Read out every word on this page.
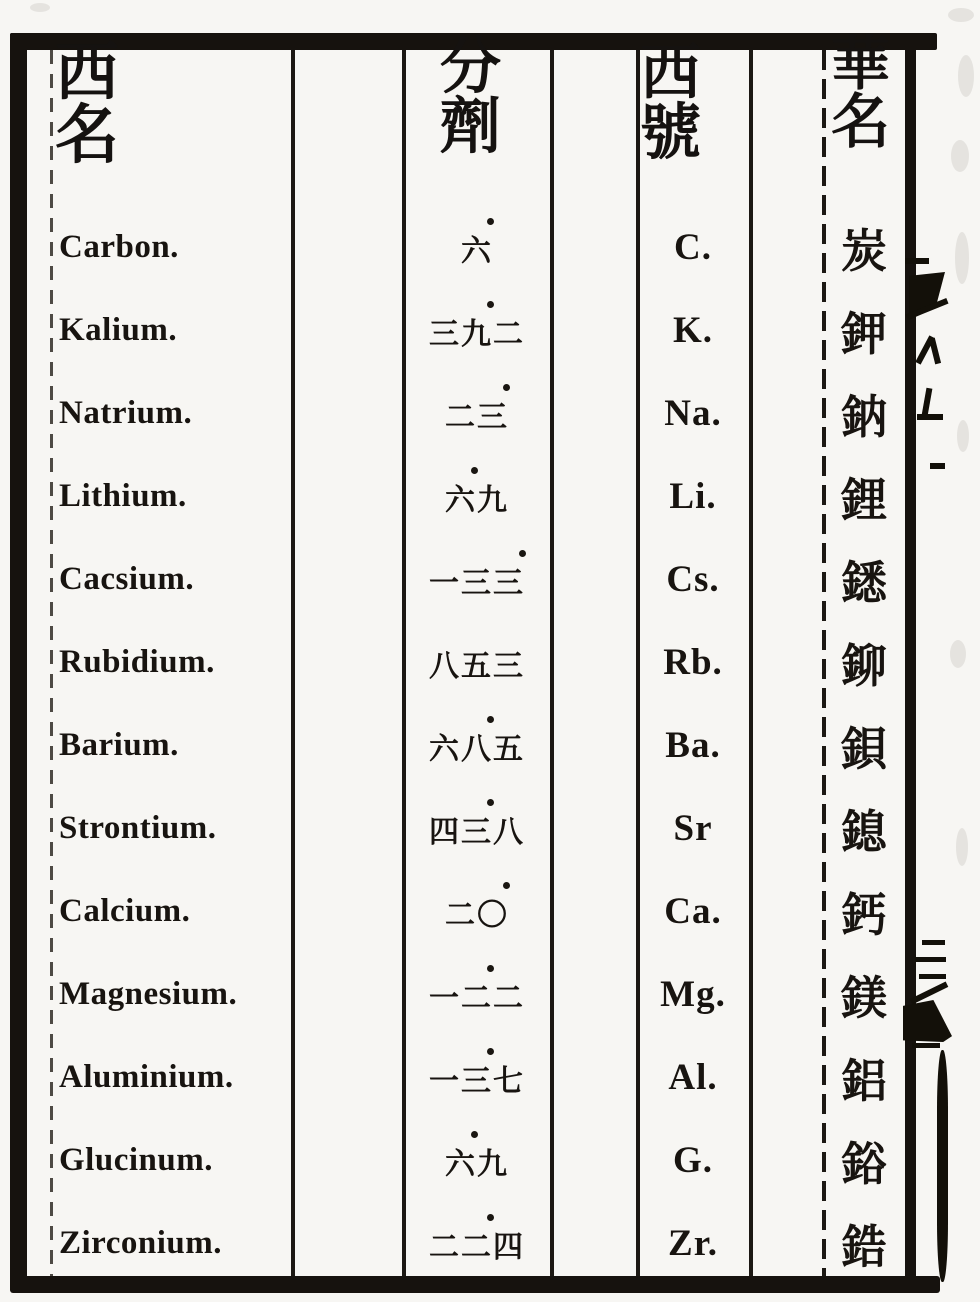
西名
分劑
西號
華名
Carbon.
Kalium.
Natrium.
Lithium.
Cacsium.
Rubidium.
Barium.
Strontium.
Calcium.
Magnesium.
Aluminium.
Glucinum.
Zirconium.
六
三 九 二
二 三
六 九
一 三 三
八 五 三
六 八 五
四 三 八
二 〇
一 二 二
一 三 七
六 九
二 二 四
C.
K.
Na.
Li.
Cs.
Rb.
Ba.
Sr
Ca.
Mg.
Al.
G.
Zr.
炭
鉀
鈉
鋰
鏭
鉚
鋇
鎴
鈣
鎂
鋁
鋊
鋯
